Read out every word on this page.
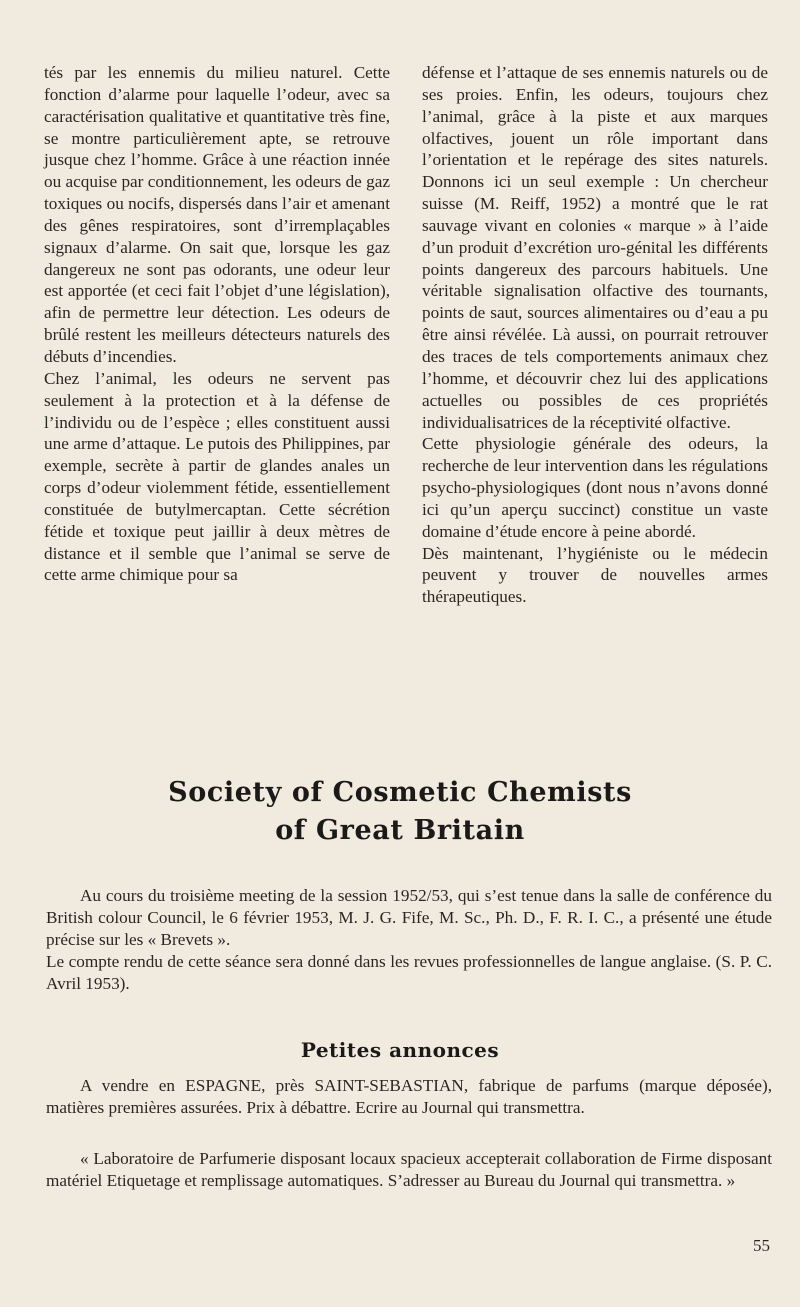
tés par les ennemis du milieu naturel. Cette fonction d’alarme pour laquelle l’odeur, avec sa caractérisation qualitative et quantitative très fine, se montre particulièrement apte, se retrouve jusque chez l’homme. Grâce à une réaction innée ou acquise par conditionnement, les odeurs de gaz toxiques ou nocifs, dispersés dans l’air et amenant des gênes respiratoires, sont d’irremplaçables signaux d’alarme. On sait que, lorsque les gaz dangereux ne sont pas odorants, une odeur leur est apportée (et ceci fait l’objet d’une législation), afin de permettre leur détection. Les odeurs de brûlé restent les meilleurs détecteurs naturels des débuts d’incendies.

Chez l’animal, les odeurs ne servent pas seulement à la protection et à la défense de l’individu ou de l’espèce ; elles constituent aussi une arme d’attaque. Le putois des Philippines, par exemple, secrète à partir de glandes anales un corps d’odeur violemment fétide, essentiellement constituée de butylmercaptan. Cette sécrétion fétide et toxique peut jaillir à deux mètres de distance et il semble que l’animal se serve de cette arme chimique pour sa

défense et l’attaque de ses ennemis naturels ou de ses proies. Enfin, les odeurs, toujours chez l’animal, grâce à la piste et aux marques olfactives, jouent un rôle important dans l’orientation et le repérage des sites naturels. Donnons ici un seul exemple : Un chercheur suisse (M. Reiff, 1952) a montré que le rat sauvage vivant en colonies « marque » à l’aide d’un produit d’excrétion uro-génital les différents points dangereux des parcours habituels. Une véritable signalisation olfactive des tournants, points de saut, sources alimentaires ou d’eau a pu être ainsi révélée. Là aussi, on pourrait retrouver des traces de tels comportements animaux chez l’homme, et découvrir chez lui des applications actuelles ou possibles de ces propriétés individualisatrices de la réceptivité olfactive.

Cette physiologie générale des odeurs, la recherche de leur intervention dans les régulations psycho-physiologiques (dont nous n’avons donné ici qu’un aperçu succinct) constitue un vaste domaine d’étude encore à peine abordé.

Dès maintenant, l’hygiéniste ou le médecin peuvent y trouver de nouvelles armes thérapeutiques.

Society of Cosmetic Chemists

of Great Britain

Au cours du troisième meeting de la session 1952/53, qui s’est tenue dans la salle de conférence du British colour Council, le 6 février 1953, M. J. G. Fife, M. Sc., Ph. D., F. R. I. C., a présenté une étude précise sur les « Brevets ».

Le compte rendu de cette séance sera donné dans les revues professionnelles de langue anglaise. (S. P. C. Avril 1953).

Petites annonces

A vendre en ESPAGNE, près SAINT-SEBASTIAN, fabrique de parfums (marque déposée), matières premières assurées. Prix à débattre. Ecrire au Journal qui transmettra.

« Laboratoire de Parfumerie disposant locaux spacieux accepterait collaboration de Firme disposant matériel Etiquetage et remplissage automatiques. S’adresser au Bureau du Journal qui transmettra. »

55
